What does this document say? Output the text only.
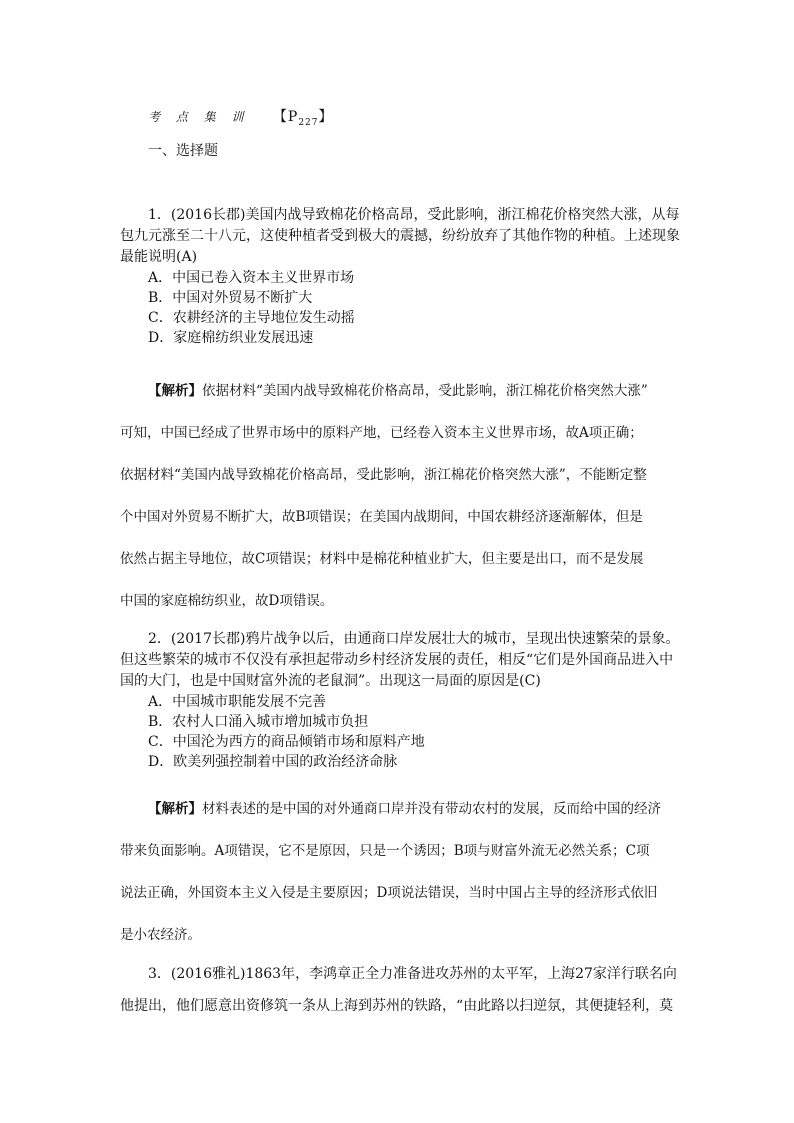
考 点 集 训 【$P_{227}$】
一、选择题
1．(2016长郡)美国内战导致棉花价格高昂，受此影响，浙江棉花价格突然大涨，从每
包九元涨至二十八元，这使种植者受到极大的震撼，纷纷放弃了其他作物的种植。上述现象
最能说明(A)
A．中国已卷入资本主义世界市场
B．中国对外贸易不断扩大
C．农耕经济的主导地位发生动摇
D．家庭棉纺织业发展迅速
【解析】依据材料“美国内战导致棉花价格高昂，受此影响，浙江棉花价格突然大涨”
可知，中国已经成了世界市场中的原料产地，已经卷入资本主义世界市场，故A项正确；
依据材料“美国内战导致棉花价格高昂，受此影响，浙江棉花价格突然大涨”，不能断定整
个中国对外贸易不断扩大，故B项错误；在美国内战期间，中国农耕经济逐渐解体，但是
依然占据主导地位，故C项错误；材料中是棉花种植业扩大，但主要是出口，而不是发展
中国的家庭棉纺织业，故D项错误。
2．(2017长郡)鸦片战争以后，由通商口岸发展壮大的城市，呈现出快速繁荣的景象。
但这些繁荣的城市不仅没有承担起带动乡村经济发展的责任，相反“它们是外国商品进入中
国的大门，也是中国财富外流的老鼠洞”。出现这一局面的原因是(C)
A．中国城市职能发展不完善
B．农村人口涌入城市增加城市负担
C．中国沦为西方的商品倾销市场和原料产地
D．欧美列强控制着中国的政治经济命脉
【解析】材料表述的是中国的对外通商口岸并没有带动农村的发展，反而给中国的经济
带来负面影响。A项错误，它不是原因，只是一个诱因；B项与财富外流无必然关系；C项
说法正确，外国资本主义入侵是主要原因；D项说法错误，当时中国占主导的经济形式依旧
是小农经济。
3．(2016雅礼)1863年，李鸿章正全力准备进攻苏州的太平军，上海27家洋行联名向
他提出，他们愿意出资修筑一条从上海到苏州的铁路，“由此路以扫逆氛，其便捷轻利，莫
